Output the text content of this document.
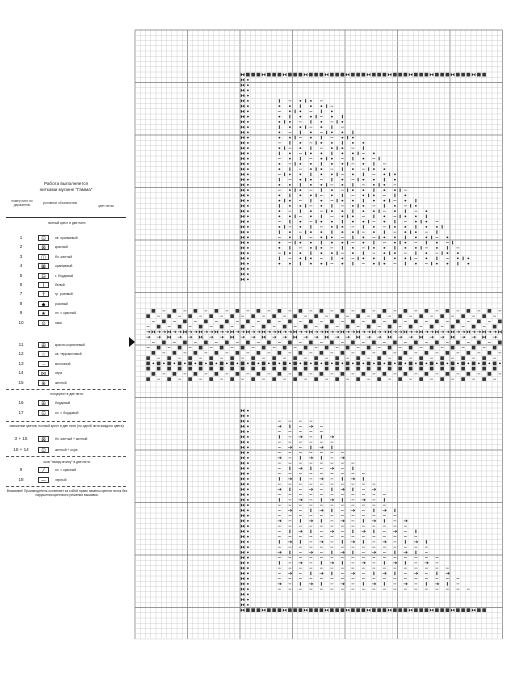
Работа выполняется
нитками мулине "Гамма"
номер нити по держателю	условные обозначения
цвет нитки
полный крест в две нити:
1	⊡	св. оранжевый
2	⊠	красный
3	◫	бл. желтый
4	▦	оранжевый
5	⊟	т. бордовый
6	I	белый
7	↑	гр. розовый
8	◆	розовый
9	★	сн. т. красный
10	⊙	хаки
11	⊞	красно-коричневый
12	☆	св. терракотовый
13	–	молочный
14	⋈	охра
15	⊕	желтый
полукрест в две нити:
16	⊞	бордовый
17	⊡	сн. т. бордовый
смешение цветов, полный крест в две нити (по одной нити каждого цвета):
3 + 15	⊠	бл. желтый + желтый
15 + 14	⊡	желтый + охра
шов "назад иголку" в две нити:
9	⁄	сн. т. красный
18	—	черный
Внимание! Производитель оставляет за собой право замены цветов ниток без нарушения цветового решения вышивки.
